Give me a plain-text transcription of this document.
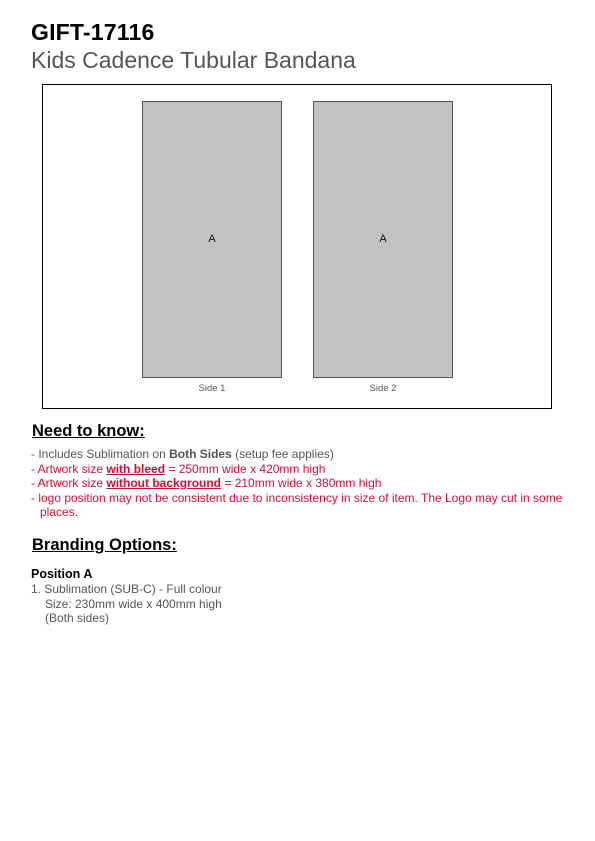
GIFT-17116
Kids Cadence Tubular Bandana
A
Side 1
A
Side 2
Need to know:
- Includes Sublimation on Both Sides (setup fee applies)
- Artwork size with bleed = 250mm wide x 420mm high
- Artwork size without background = 210mm wide x 380mm high
- logo position may not be consistent due to inconsistency in size of item. The Logo may cut in some places.
Branding Options:
Position A
1. Sublimation (SUB-C) - Full colour
Size: 230mm wide x 400mm high
(Both sides)
